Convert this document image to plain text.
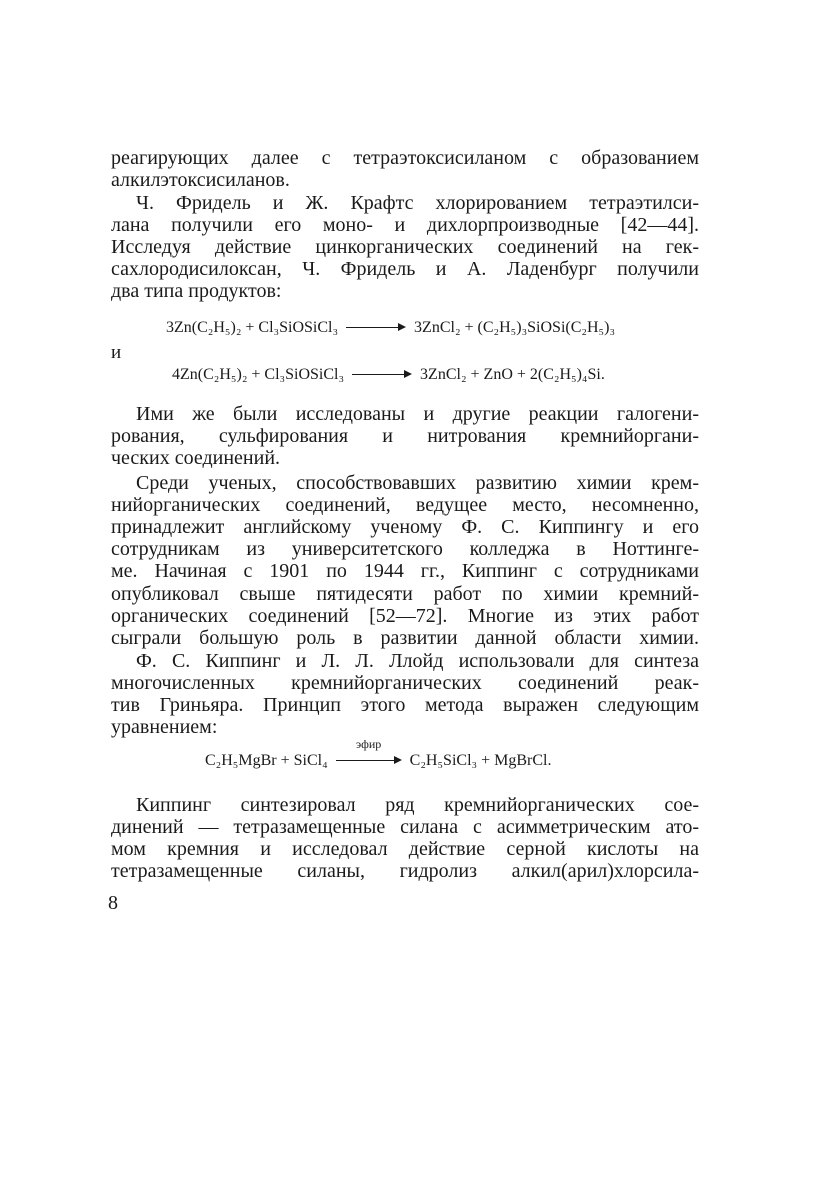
реагирующих далее с тетраэтоксисиланом с образованием
алкилэтоксисиланов.
Ч. Фридель и Ж. Крафтс хлорированием тетраэтилси-
лана получили его моно- и дихлорпроизводные [42—44].
Исследуя действие цинкорганических соединений на гек-
сахлородисилоксан, Ч. Фридель и А. Ладенбург получили
два типа продуктов:
3Zn(C₂H₅)₂ + Cl₃SiOSiCl₃	3ZnCl₂ + (C₂H₅)₃SiOSi(C₂H₅)₃
и
4Zn(C₂H₅)₂ + Cl₃SiOSiCl₃	3ZnCl₂ + ZnO + 2(C₂H₅)₄Si.
Ими же были исследованы и другие реакции галогени-
рования, сульфирования и нитрования кремнийоргани-
ческих соединений.
Среди ученых, способствовавших развитию химии крем-
нийорганических соединений, ведущее место, несомненно,
принадлежит английскому ученому Ф. С. Киппингу и его
сотрудникам из университетского колледжа в Ноттинге-
ме. Начиная с 1901 по 1944 гг., Киппинг с сотрудниками
опубликовал свыше пятидесяти работ по химии кремний-
органических соединений [52—72]. Многие из этих работ
сыграли большую роль в развитии данной области химии.
Ф. С. Киппинг и Л. Л. Ллойд использовали для синтеза
многочисленных кремнийорганических соединений реак-
тив Гриньяра. Принцип этого метода выражен следующим
уравнением:
C₂H₅MgBr + SiCl₄
эфир
C₂H₅SiCl₃ + MgBrCl.
Киппинг синтезировал ряд кремнийорганических сое-
динений — тетразамещенные силана с асимметрическим ато-
мом кремния и исследовал действие серной кислоты на
тетразамещенные силаны, гидролиз алкил(арил)хлорсила-
8
